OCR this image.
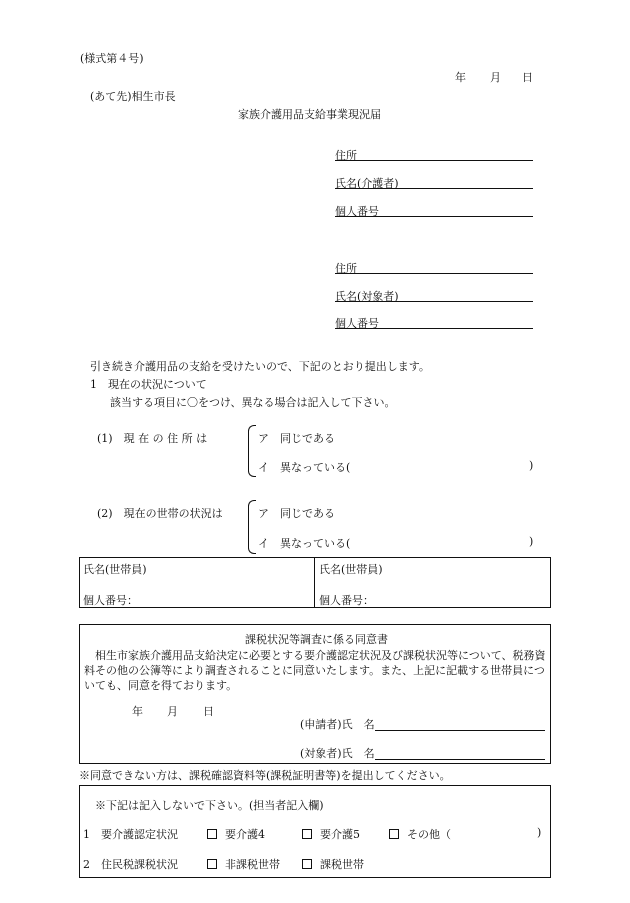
(様式第４号)
年 月 日
(あて先)相生市長
家族介護用品支給事業現況届
住所
氏名(介護者)
個人番号
住所
氏名(対象者)
個人番号
引き続き介護用品の支給を受けたいので、下記のとおり提出します。
1　現在の状況について
該当する項目に〇をつけ、異なる場合は記入して下さい。
(1)　現 在 の 住 所 は	ア　同じである
イ　異なっている(	)
(2)　現在の世帯の状況は	ア　同じである
イ　異なっている(	)
氏名(世帯員)
個人番号：
氏名(世帯員)
個人番号：
課税状況等調査に係る同意書
相生市家族介護用品支給決定に必要とする要介護認定状況及び課税状況等について、税務資料その他の公簿等により調査されることに同意いたします。また、上記に記載する世帯員についても、同意を得ております。
年 月 日
(申請者)氏　名
(対象者)氏　名
※同意できない方は、課税確認資料等(課税証明書等)を提出してください。
※下記は記入しないで下さい。(担当者記入欄)
1　要介護認定状況	要介護4	要介護5	その他（	)
2　住民税課税状況	非課税世帯	課税世帯
